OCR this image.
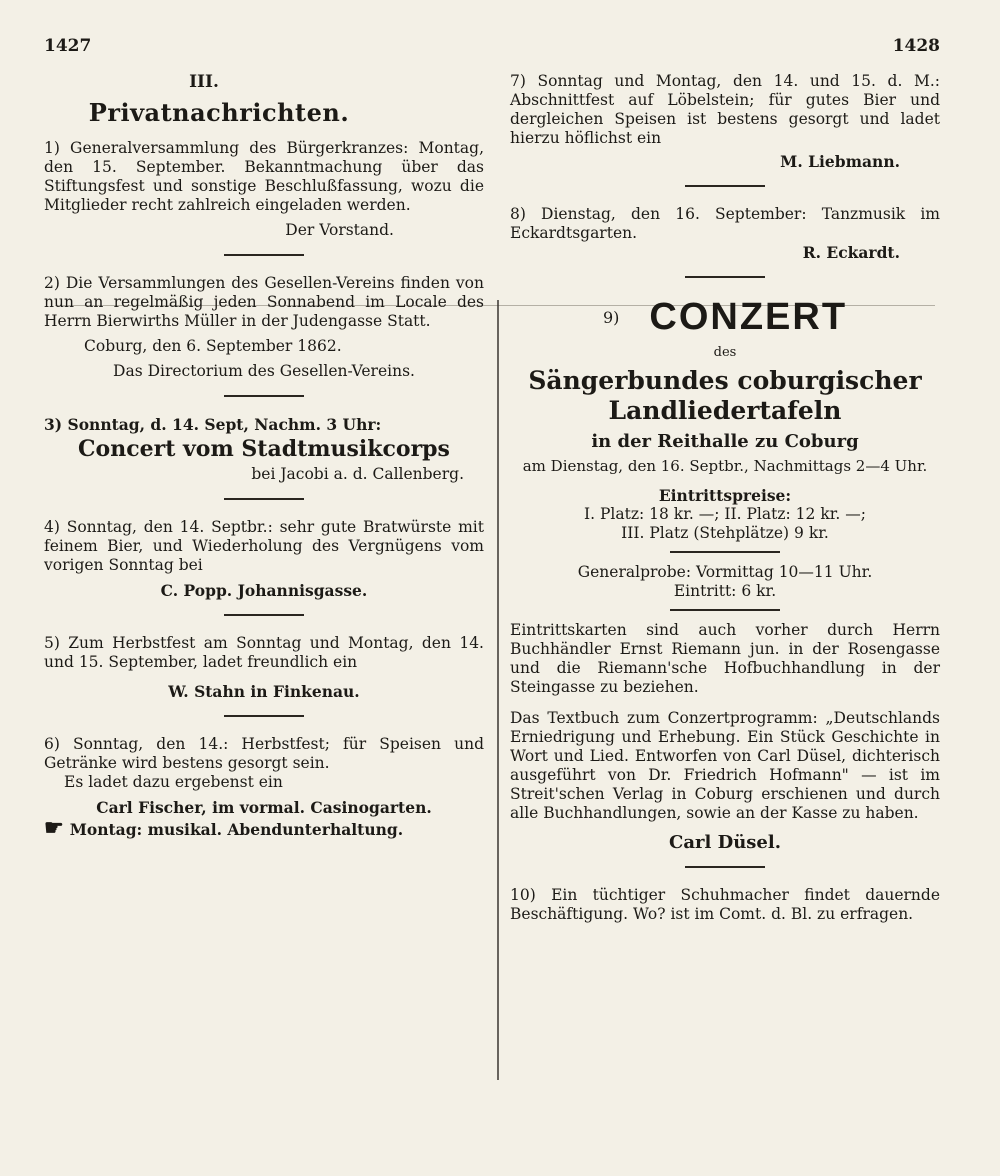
1427	1428
III.
Privatnachrichten.

1) Generalversammlung des Bürgerkranzes: Montag, den 15. September. Bekanntmachung über das Stiftungsfest und sonstige Beschlußfassung, wozu die Mitglieder recht zahlreich eingeladen werden.

Der Vorstand.

2) Die Versammlungen des Gesellen-Vereins finden von nun an regelmäßig jeden Sonnabend im Locale des Herrn Bierwirths Müller in der Judengasse Statt.

Coburg, den 6. September 1862.

Das Directorium des Gesellen-Vereins.

3) Sonntag, d. 14. Sept, Nachm. 3 Uhr:

Concert vom Stadtmusikcorps

bei Jacobi a. d. Callenberg.

4) Sonntag, den 14. Septbr.: sehr gute Bratwürste mit feinem Bier, und Wiederholung des Vergnügens vom vorigen Sonntag bei

C. Popp. Johannisgasse.

5) Zum Herbstfest am Sonntag und Montag, den 14. und 15. September, ladet freundlich ein

W. Stahn in Finkenau.

6) Sonntag, den 14.: Herbstfest; für Speisen und Getränke wird bestens gesorgt sein.

Es ladet dazu ergebenst ein

Carl Fischer, im vormal. Casinogarten.

☛ Montag: musikal. Abendunterhaltung.

7) Sonntag und Montag, den 14. und 15. d. M.: Abschnittfest auf Löbelstein; für gutes Bier und dergleichen Speisen ist bestens gesorgt und ladet hierzu höflichst ein

M. Liebmann.

8) Dienstag, den 16. September: Tanzmusik im Eckardtsgarten.

R. Eckardt.

9) CONZERT

des

Sängerbundes coburgischer Landliedertafeln

in der Reithalle zu Coburg

am Dienstag, den 16. Septbr., Nachmittags 2—4 Uhr.

Eintrittspreise:

I. Platz: 18 kr. —; II. Platz: 12 kr. —;

III. Platz (Stehplätze) 9 kr.

Generalprobe: Vormittag 10—11 Uhr.

Eintritt: 6 kr.

Eintrittskarten sind auch vorher durch Herrn Buchhändler Ernst Riemann jun. in der Rosengasse und die Riemann'sche Hofbuchhandlung in der Steingasse zu beziehen.

Das Textbuch zum Conzertprogramm: „Deutschlands Erniedrigung und Erhebung. Ein Stück Geschichte in Wort und Lied. Entworfen von Carl Düsel, dichterisch ausgeführt von Dr. Friedrich Hofmann" — ist im Streit'schen Verlag in Coburg erschienen und durch alle Buchhandlungen, sowie an der Kasse zu haben.

Carl Düsel.

10) Ein tüchtiger Schuhmacher findet dauernde Beschäftigung. Wo? ist im Comt. d. Bl. zu erfragen.
